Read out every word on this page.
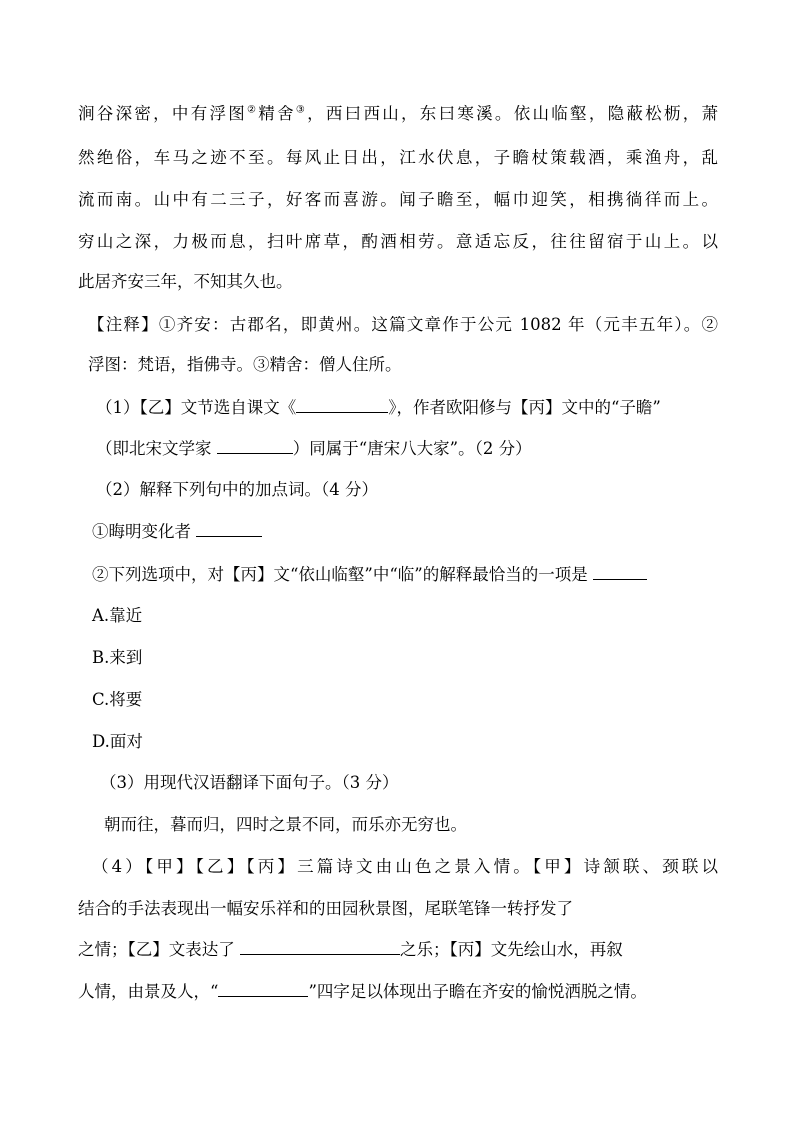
涧谷深密，中有浮图②精舍③，西曰西山，东曰寒溪。依山临壑，隐蔽松枥，萧
然绝俗，车马之迹不至。每风止日出，江水伏息，子瞻杖策载酒，乘渔舟，乱
流而南。山中有二三子，好客而喜游。闻子瞻至，幅巾迎笑，相携徜徉而上。
穷山之深，力极而息，扫叶席草，酌酒相劳。意适忘反，往往留宿于山上。以
此居齐安三年，不知其久也。
【注释】①齐安：古郡名，即黄州。这篇文章作于公元 1082 年（元丰五年）。②
浮图：梵语，指佛寺。③精舍：僧人住所。
（1）【乙】文节选自课文《	》，作者欧阳修与【丙】文中的“子瞻”
（即北宋文学家	）同属于“唐宋八大家”。（2 分）
（2）解释下列句中的加点词。（4 分）
①晦明变化者
②下列选项中，对【丙】文“依山临壑”中“临”的解释最恰当的一项是
A.靠近
B.来到
C.将要
D.面对
（3）用现代汉语翻译下面句子。（3 分）
朝而往，暮而归，四时之景不同，而乐亦无穷也。
（4）【甲】【乙】【丙】三篇诗文由山色之景入情。【甲】诗颔联、颈联以
结合的手法表现出一幅安乐祥和的田园秋景图，尾联笔锋一转抒发了
之情；【乙】文表达了	之乐；【丙】文先绘山水，再叙
人情，由景及人，“	”四字足以体现出子瞻在齐安的愉悦洒脱之情。
